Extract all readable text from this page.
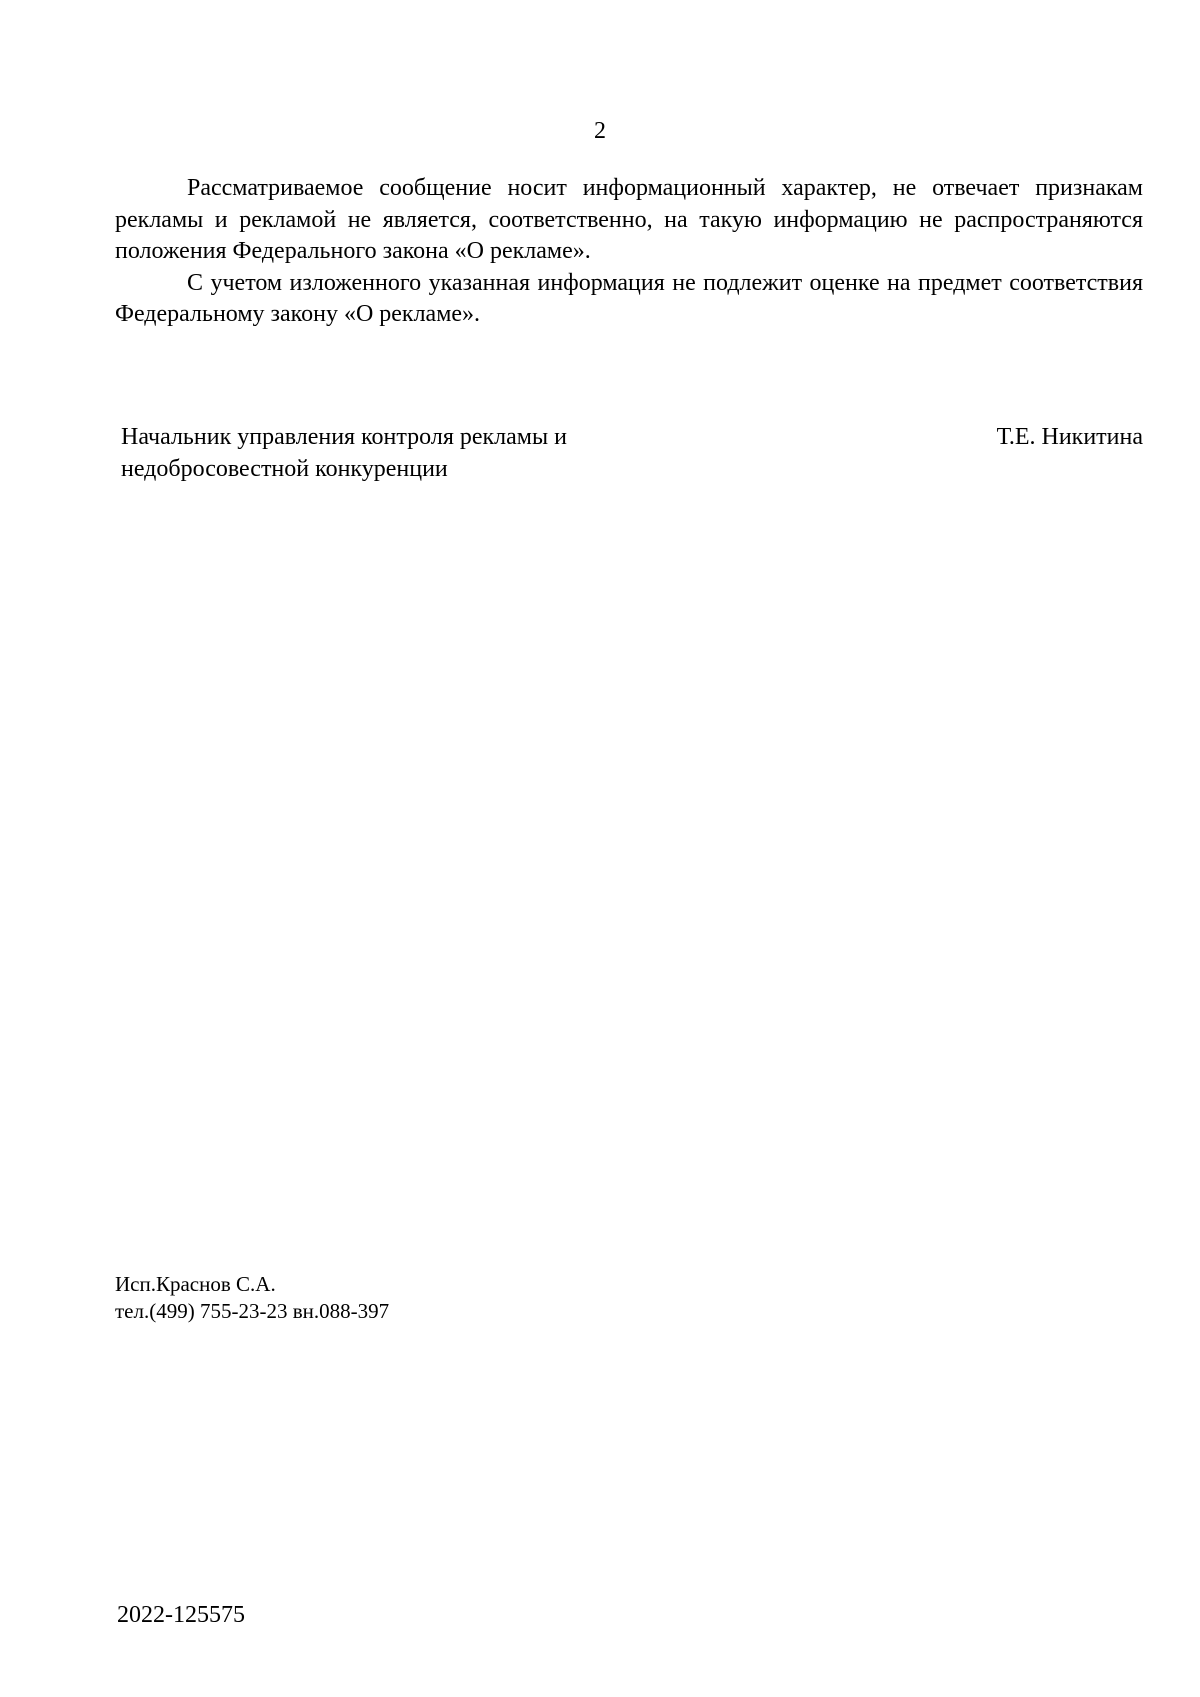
2

Рассматриваемое сообщение носит информационный характер, не отвечает признакам рекламы и рекламой не является, соответственно, на такую информацию не распространяются положения Федерального закона «О рекламе».

С учетом изложенного указанная информация не подлежит оценке на предмет соответствия Федеральному закону «О рекламе».

Начальник управления контроля рекламы и
недобросовестной конкуренции
Т.Е. Никитина
Исп.Краснов С.А.
тел.(499) 755-23-23 вн.088-397
2022-125575
